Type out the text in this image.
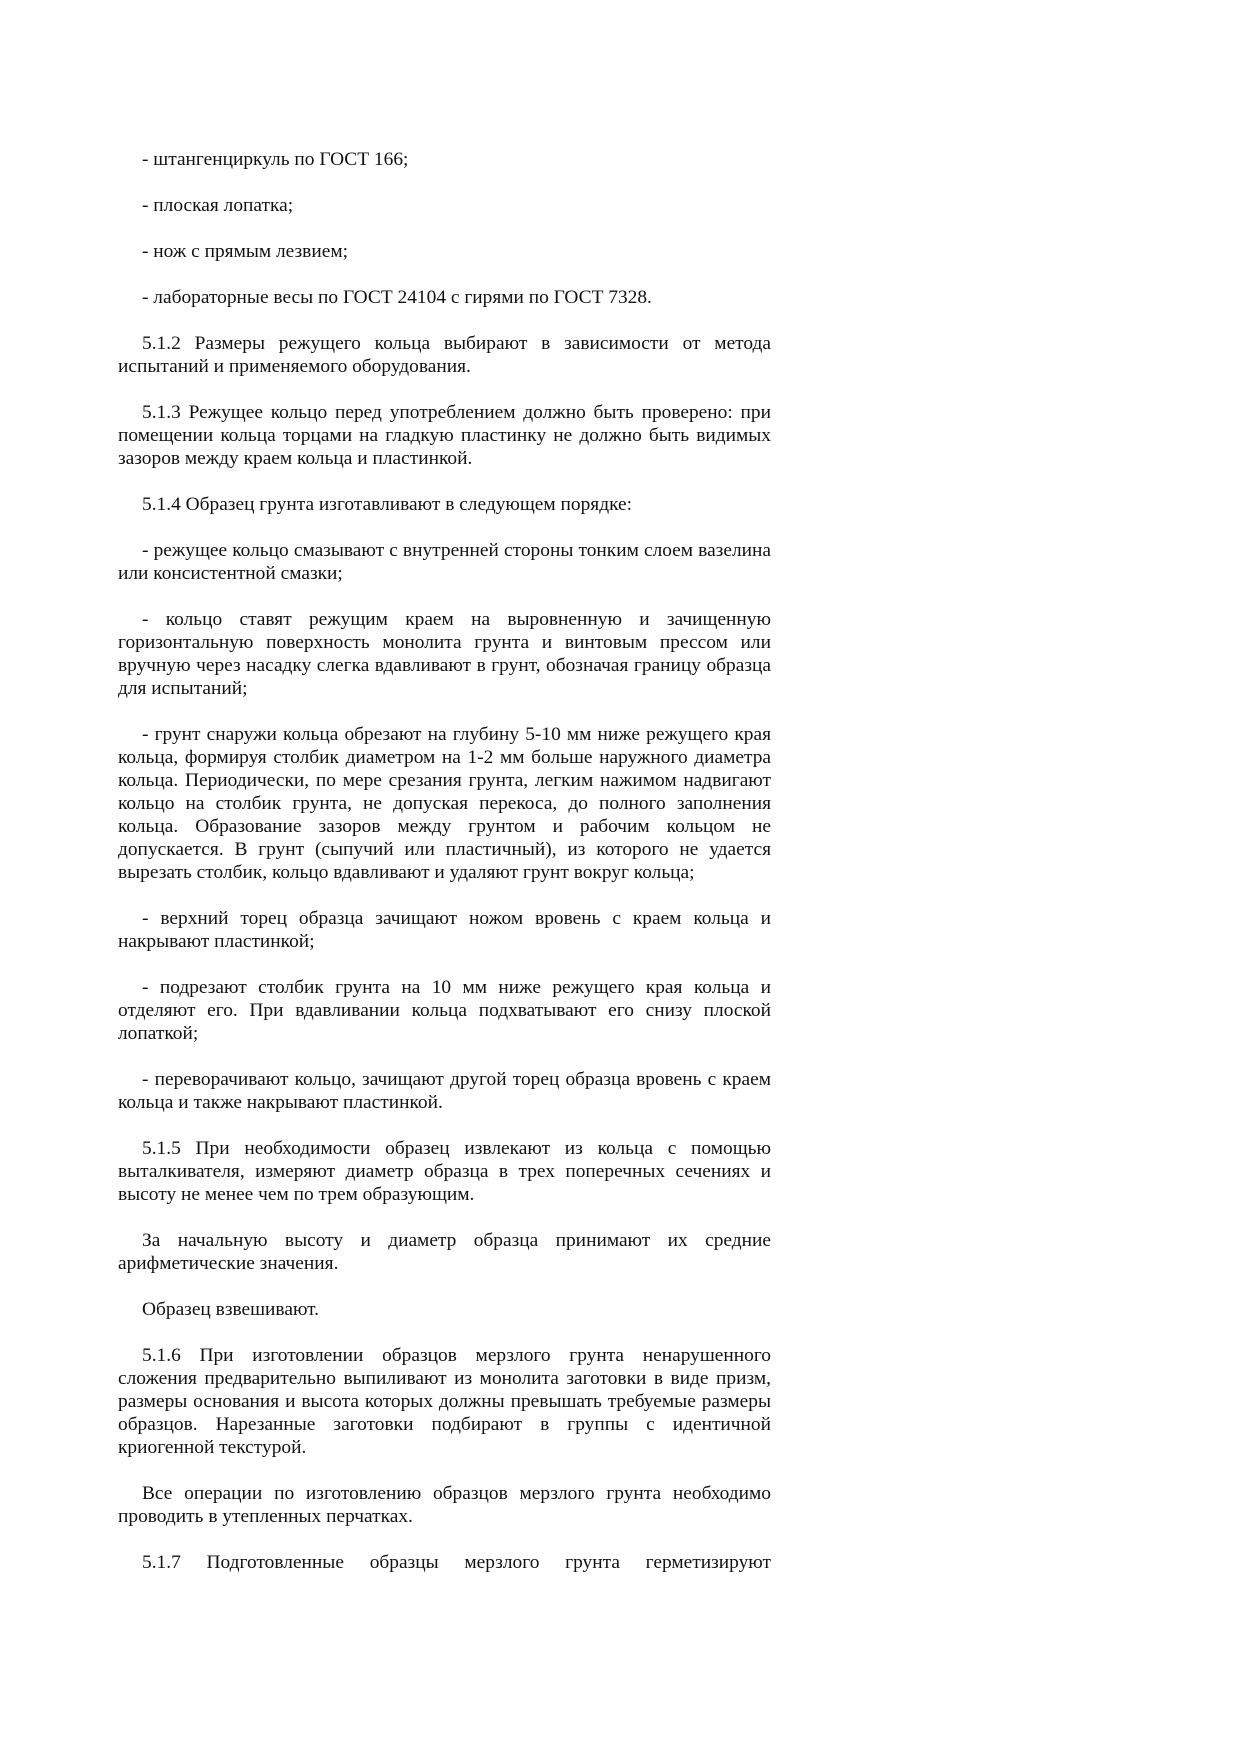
- штангенциркуль по ГОСТ 166;

- плоская лопатка;

- нож с прямым лезвием;

- лабораторные весы по ГОСТ 24104 с гирями по ГОСТ 7328.

5.1.2 Размеры режущего кольца выбирают в зависимости от метода испытаний и применяемого оборудования.

5.1.3 Режущее кольцо перед употреблением должно быть проверено: при помещении кольца торцами на гладкую пластинку не должно быть видимых зазоров между краем кольца и пластинкой.

5.1.4 Образец грунта изготавливают в следующем порядке:

- режущее кольцо смазывают с внутренней стороны тонким слоем вазелина или консистентной смазки;

- кольцо ставят режущим краем на выровненную и зачищенную горизонтальную поверхность монолита грунта и винтовым прессом или вручную через насадку слегка вдавливают в грунт, обозначая границу образца для испытаний;

- грунт снаружи кольца обрезают на глубину 5-10 мм ниже режущего края кольца, формируя столбик диаметром на 1-2 мм больше наружного диаметра кольца. Периодически, по мере срезания грунта, легким нажимом надвигают кольцо на столбик грунта, не допуская перекоса, до полного заполнения кольца. Образование зазоров между грунтом и рабочим кольцом не допускается. В грунт (сыпучий или пластичный), из которого не удается вырезать столбик, кольцо вдавливают и удаляют грунт вокруг кольца;

- верхний торец образца зачищают ножом вровень с краем кольца и накрывают пластинкой;

- подрезают столбик грунта на 10 мм ниже режущего края кольца и отделяют его. При вдавливании кольца подхватывают его снизу плоской лопаткой;

- переворачивают кольцо, зачищают другой торец образца вровень с краем кольца и также накрывают пластинкой.

5.1.5 При необходимости образец извлекают из кольца с помощью выталкивателя, измеряют диаметр образца в трех поперечных сечениях и высоту не менее чем по трем образующим.

За начальную высоту и диаметр образца принимают их средние арифметические значения.

Образец взвешивают.

5.1.6 При изготовлении образцов мерзлого грунта ненарушенного сложения предварительно выпиливают из монолита заготовки в виде призм, размеры основания и высота которых должны превышать требуемые размеры образцов. Нарезанные заготовки подбирают в группы с идентичной криогенной текстурой.

Все операции по изготовлению образцов мерзлого грунта необходимо проводить в утепленных перчатках.

5.1.7 Подготовленные образцы мерзлого грунта герметизируют
